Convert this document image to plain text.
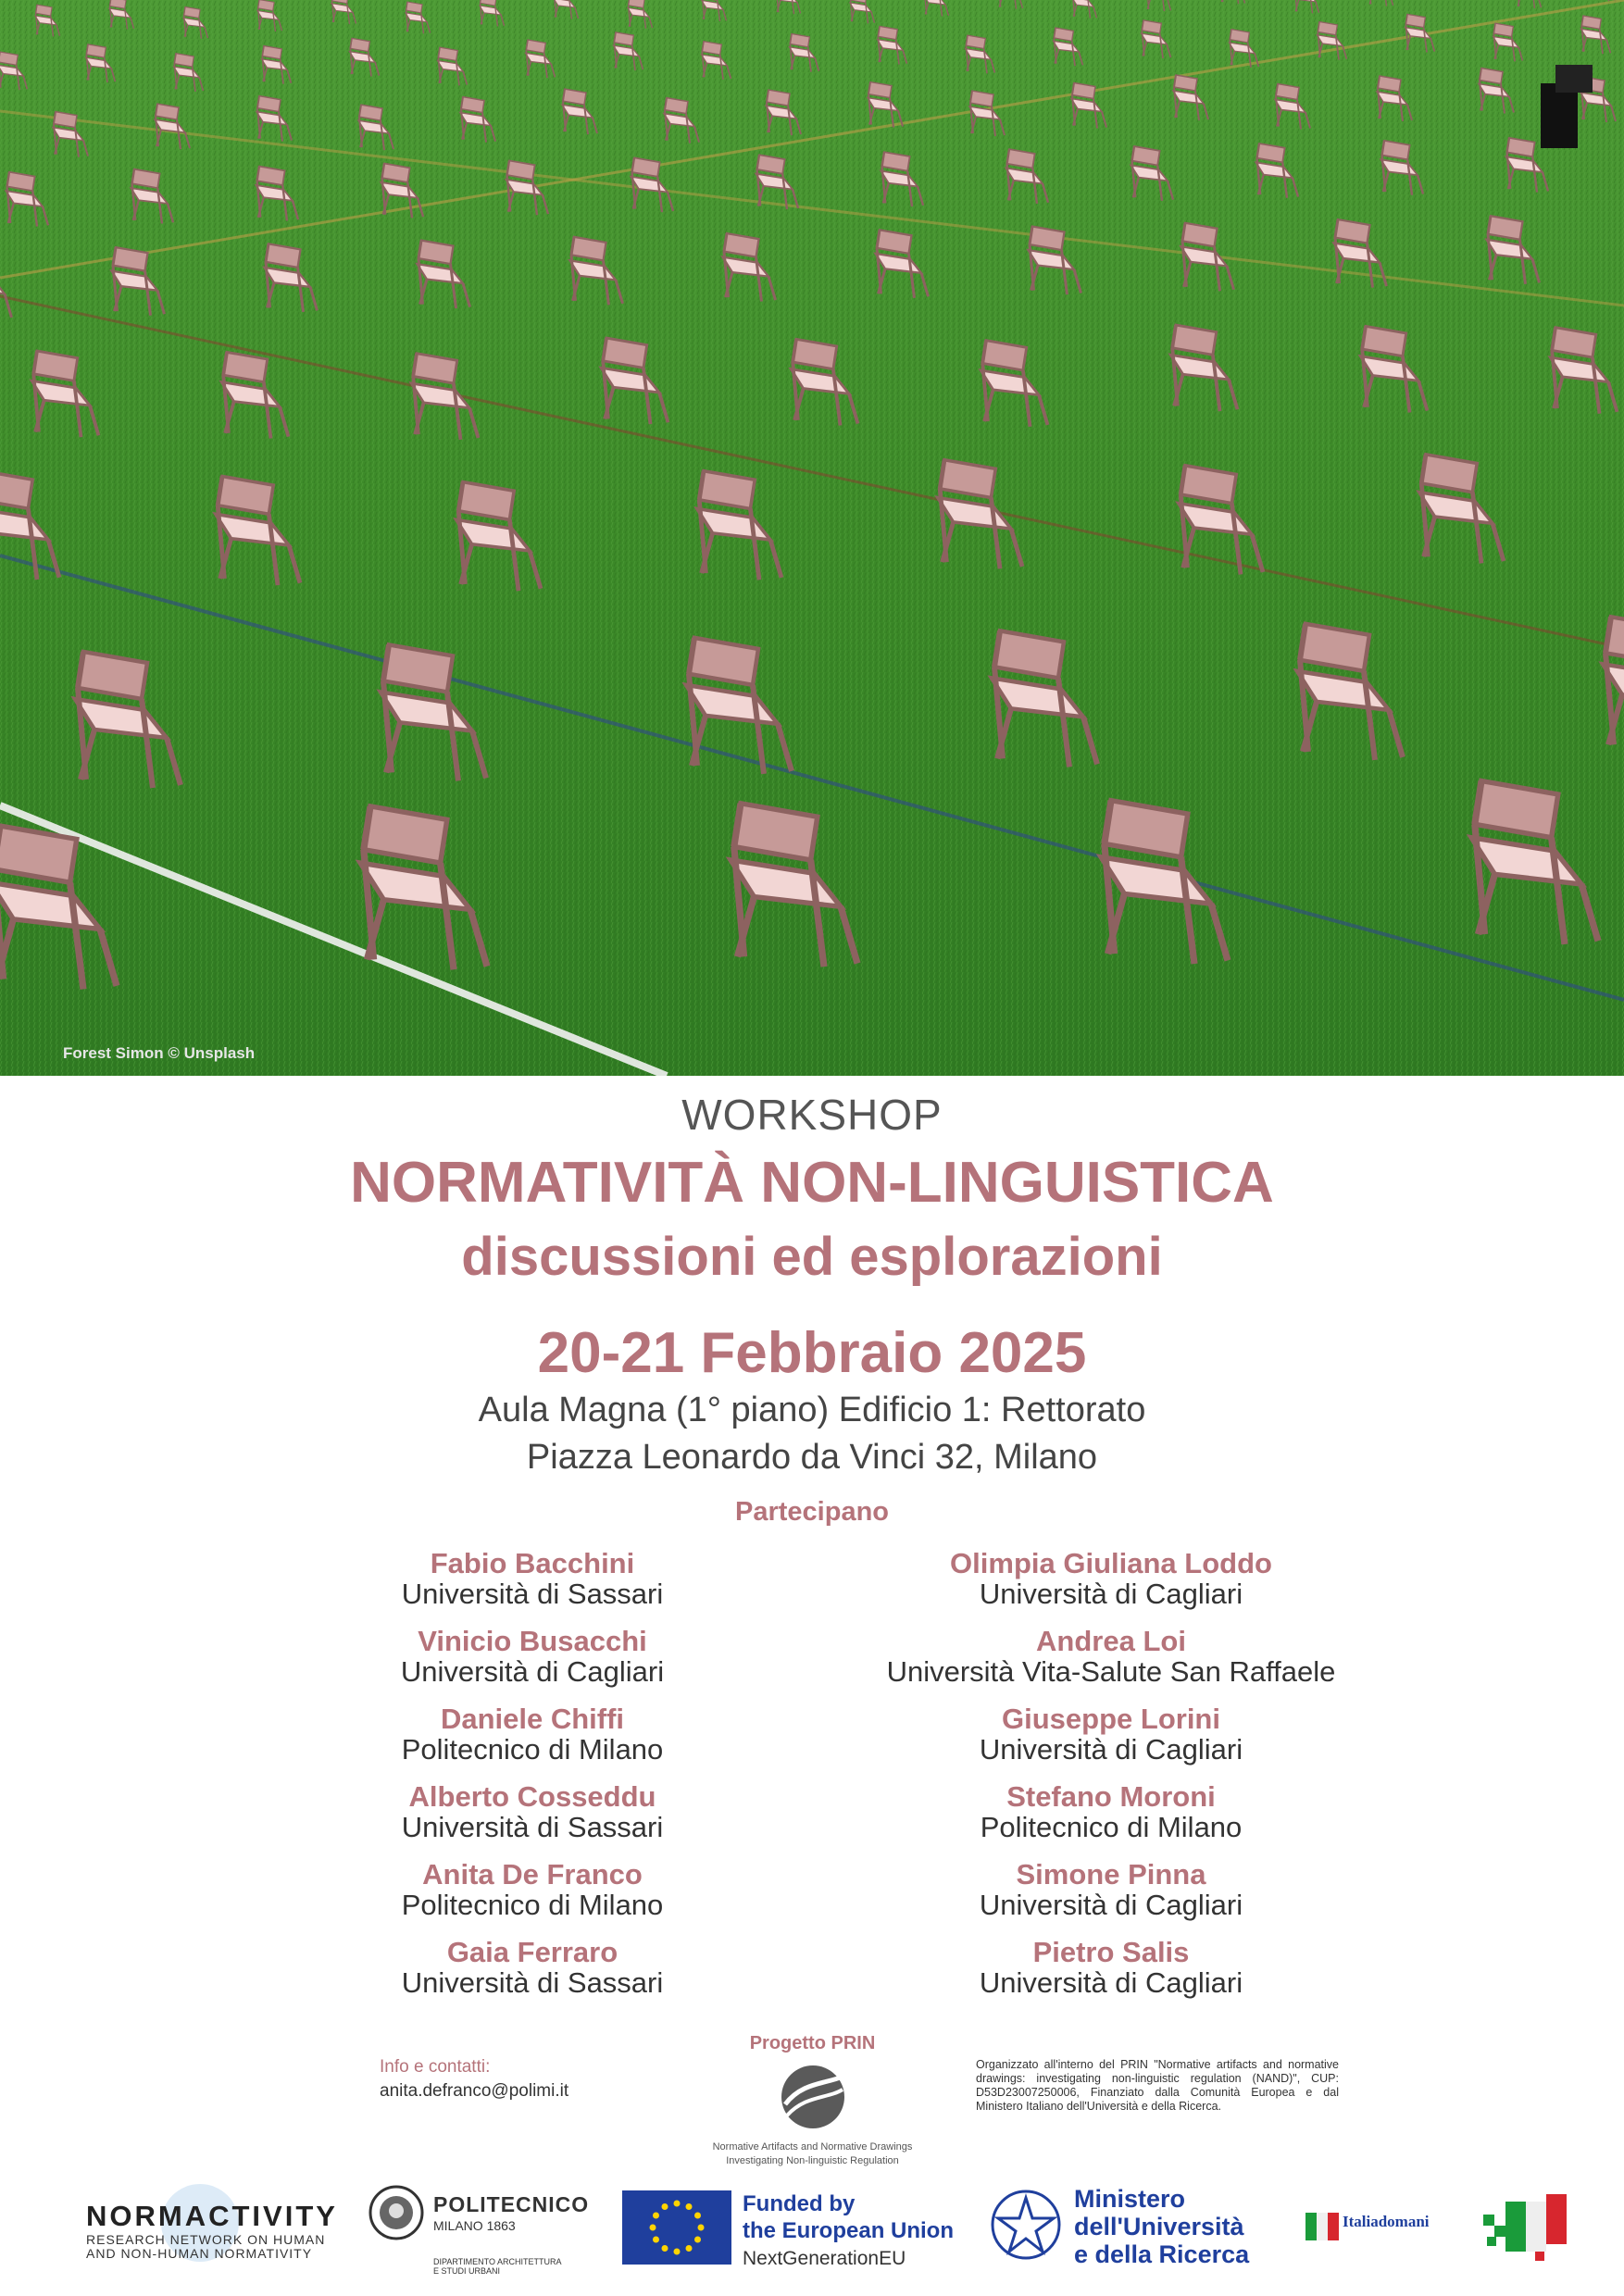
Forest Simon © Unsplash
WORKSHOP
NORMATIVITÀ NON-LINGUISTICA
discussioni ed esplorazioni
20-21 Febbraio 2025
Aula Magna (1° piano) Edificio 1: Rettorato
Piazza Leonardo da Vinci 32, Milano
Partecipano
Fabio Bacchini
Università di Sassari
Vinicio Busacchi
Università di Cagliari
Daniele Chiffi
Politecnico di Milano
Alberto Cosseddu
Università di Sassari
Anita De Franco
Politecnico di Milano
Gaia Ferraro
Università di Sassari
Olimpia Giuliana Loddo
Università di Cagliari
Andrea Loi
Università Vita-Salute San Raffaele
Giuseppe Lorini
Università di Cagliari
Stefano Moroni
Politecnico di Milano
Simone Pinna
Università di Cagliari
Pietro Salis
Università di Cagliari
Info e contatti:
anita.defranco@polimi.it
Progetto PRIN
Normative Artifacts and Normative Drawings
Investigating Non-linguistic Regulation
Organizzato all'interno del PRIN "Normative artifacts and normative drawings: investigating non-linguistic regulation (NAND)", CUP: D53D23007250006, Finanziato dalla Comunità Europea e dal Ministero Italiano dell'Università e della Ricerca.
NORMACTIVITY
RESEARCH NETWORK ON HUMAN
AND NON-HUMAN NORMATIVITY
POLITECNICO
MILANO 1863
DIPARTIMENTO ARCHITETTURA
E STUDI URBANI
Funded by
the European Union
NextGenerationEU
Ministero
dell'Università
e della Ricerca
Italiadomani
